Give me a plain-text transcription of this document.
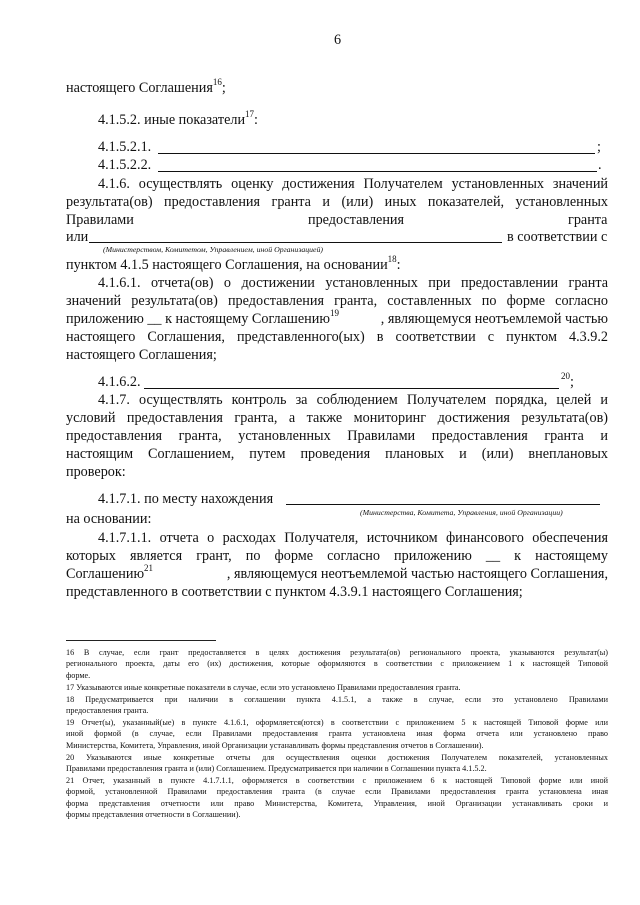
6
настоящего Соглашения$^{16}$;
4.1.5.2. иные показатели$^{17}$:
4.1.5.2.1.	;
4.1.5.2.2.	.
4.1.6. осуществлять оценку достижения Получателем установленных значений
результата(ов) предоставления гранта и (или) иных показателей, установленных
Правилами	предоставления	гранта
или	в соответствии с
(Министерством, Комитетом, Управлением, иной Организацией)
пунктом 4.1.5 настоящего Соглашения, на основании$^{18}$:
4.1.6.1. отчета(ов) о достижении установленных при предоставлении гранта
значений результата(ов) предоставления гранта, составленных по форме согласно
приложению __ к настоящему Соглашению$^{19}$	, являющемуся неотъемлемой частью
настоящего Соглашения, представленного(ых) в соответствии с пунктом 4.3.9.2
настоящего Соглашения;
4.1.6.2.	$^{20}$;
4.1.7. осуществлять контроль за соблюдением Получателем порядка, целей и
условий предоставления гранта, а также мониторинг достижения результата(ов)
предоставления гранта, установленных Правилами предоставления гранта и
настоящим Соглашением, путем проведения плановых и (или) внеплановых
проверок:
4.1.7.1. по месту нахождения
(Министерства, Комитета, Управления, иной Организации)
на основании:
4.1.7.1.1. отчета о расходах Получателя, источником финансового обеспечения
которых является грант, по форме согласно приложению __ к настоящему
Соглашению$^{21}$	, являющемуся неотъемлемой частью настоящего Соглашения,
представленного в соответствии с пунктом 4.3.9.1 настоящего Соглашения;
16 В случае, если грант предоставляется в целях достижения результата(ов) регионального проекта, указываются результат(ы)
регионального проекта, даты его (их) достижения, которые оформляются в соответствии с приложением 1 к настоящей Типовой
форме.
17 Указываются иные конкретные показатели в случае, если это установлено Правилами предоставления гранта.
18 Предусматривается при наличии в соглашении пункта 4.1.5.1, а также в случае, если это установлено Правилами
предоставления гранта.
19 Отчет(ы), указанный(ые) в пункте 4.1.6.1, оформляется(ются) в соответствии с приложением 5 к настоящей Типовой форме или
иной формой (в случае, если Правилами предоставления гранта установлена иная форма отчета или установлено право
Министерства, Комитета, Управления, иной Организации устанавливать формы представления отчетов в Соглашении).
20 Указываются иные конкретные отчеты для осуществления оценки достижения Получателем показателей, установленных
Правилами предоставления гранта и (или) Соглашением. Предусматривается при наличии в Соглашении пункта 4.1.5.2.
21 Отчет, указанный в пункте 4.1.7.1.1, оформляется в соответствии с приложением 6 к настоящей Типовой форме или иной
формой, установленной Правилами предоставления гранта (в случае если Правилами предоставления гранта установлена иная
форма представления отчетности или право Министерства, Комитета, Управления, иной Организации устанавливать сроки и
формы представления отчетности в Соглашении).
